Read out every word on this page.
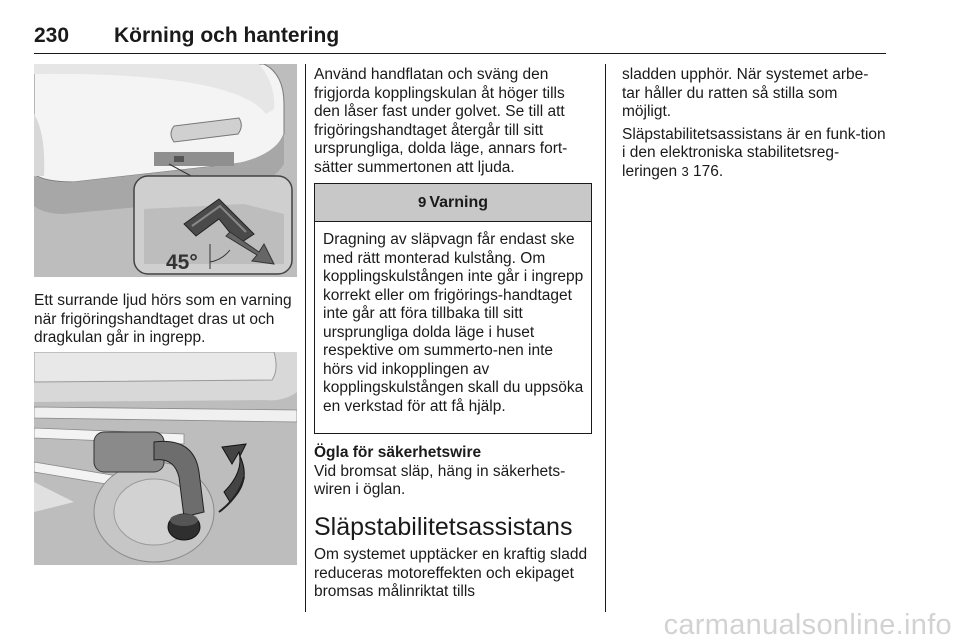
230 Körning och hantering
45°
Ett surrande ljud hörs som en varning när frigöringshandtaget dras ut och dragkulan går in ingrepp.
Använd handflatan och sväng den frigjorda kopplingskulan åt höger tills den låser fast under golvet. Se till att frigöringshandtaget återgår till sitt ursprungliga, dolda läge, annars fort-sätter summertonen att ljuda.
9 Varning
Dragning av släpvagn får endast ske med rätt monterad kulstång. Om kopplingskulstången inte går i ingrepp korrekt eller om frigörings-handtaget inte går att föra tillbaka till sitt ursprungliga dolda läge i huset respektive om summerto-nen inte hörs vid inkopplingen av kopplingskulstången skall du uppsöka en verkstad för att få hjälp.
Ögla för säkerhetswire
Vid bromsat släp, häng in säkerhets-wiren i öglan.
Släpstabilitetsassistans
Om systemet upptäcker en kraftig sladd reduceras motoreffekten och ekipaget bromsas målinriktat tills

sladden upphör. När systemet arbe-tar håller du ratten så stilla som möjligt.

Släpstabilitetsassistans är en funk-tion i den elektroniska stabilitetsreg-leringen 3 176.

carmanualsonline.info
